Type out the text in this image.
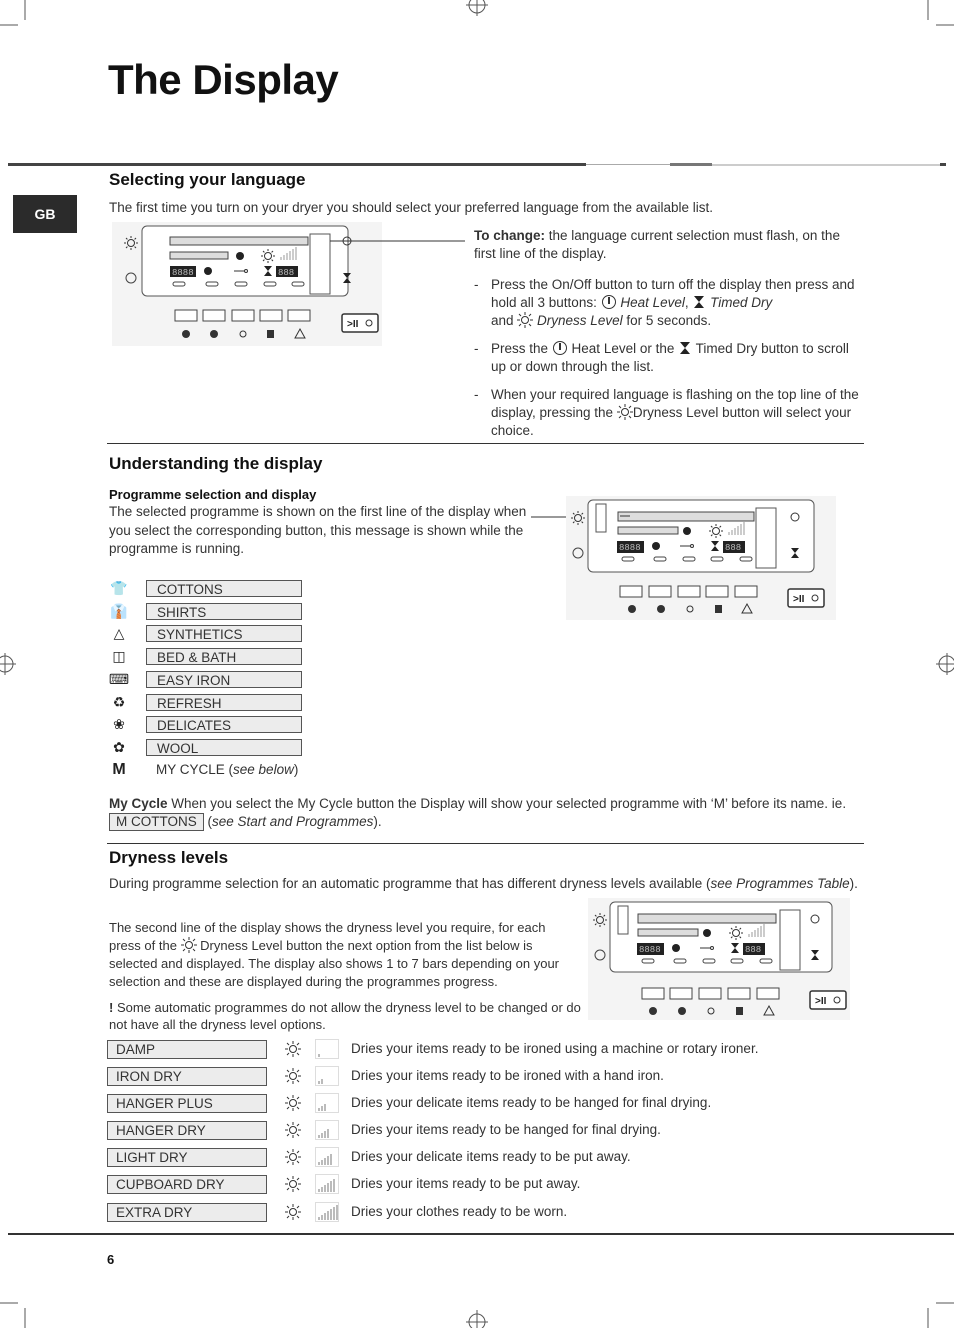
The Display
GB
Selecting your language
The first time you turn on your dryer you should select your preferred language from the available list.
8888	888
>II
To change: the language current selection must flash, on the first line of the display.
- Press the On/Off button to turn off the display then press and hold all 3 buttons:  Heat Level,  Timed Dry
and  Dryness Level for 5 seconds.
- Press the  Heat Level or the  Timed Dry button to scroll up or down through the list.
- When your required language is flashing on the top line of the display, pressing the Dryness Level button will select your choice.
Understanding the display
Programme selection and display
The selected programme is shown on the first line of the display when you select the corresponding button, this message is shown while the programme is running.	8888	888
>II
👕	COTTONS
👔	SHIRTS
△	SYNTHETICS
◫	BED & BATH
⌨	EASY IRON
♻	REFRESH
❀	DELICATES
✿	WOOL
M	MY CYCLE (see below)
My Cycle When you select the My Cycle button the Display will show your selected programme with ‘M’ before its name. ie. M COTTONS (see Start and Programmes).
Dryness levels
During programme selection for an automatic programme that has different dryness levels available (see Programmes Table).
The second line of the display shows the dryness level you require, for each press of the  Dryness Level button the next option from the list below is selected and displayed. The display also shows 1 to 7 bars depending on your selection and these are displayed during the programmes progress.
! Some automatic programmes do not allow the dryness level to be changed or do not have all the dryness level options.
8888	888
>II
DAMP	Dries your items ready to be ironed using a machine or rotary ironer.
IRON DRY	Dries your items ready to be ironed with a hand iron.
HANGER PLUS	Dries your delicate items ready to be hanged for final drying.
HANGER DRY	Dries your items ready to be hanged for final drying.
LIGHT DRY	Dries your delicate items ready to be put away.
CUPBOARD DRY	Dries your items ready to be put away.
EXTRA DRY	Dries your clothes ready to be worn.
6
